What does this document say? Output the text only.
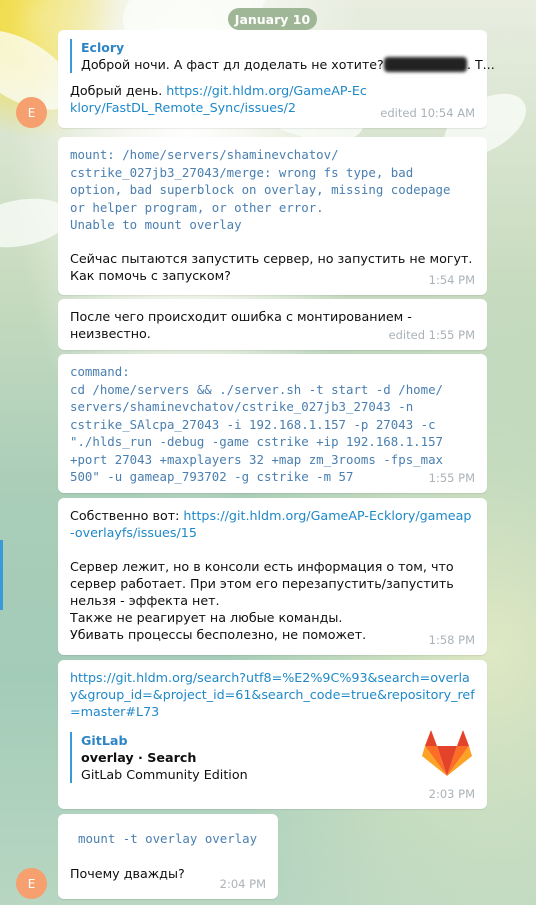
January 10
Eclory
Доброй ночи. А фаст дл доделать не хотите?8000 рублей. Т...
Добрый день. https://git.hldm.org/GameAP-Ecklory/FastDL_Remote_Sync/issues/2	edited 10:54 AM
E
mount: /home/servers/shaminevchatov/
cstrike_027jb3_27043/merge: wrong fs type, bad
option, bad superblock on overlay, missing codepage
or helper program, or other error.
Unable to mount overlay
Сейчас пытаются запустить сервер, но запустить не могут.
Как помочь с запуском?	1:54 PM
После чего происходит ошибка с монтированием -
неизвестно.	edited 1:55 PM
command:
cd /home/servers && ./server.sh -t start -d /home/
servers/shaminevchatov/cstrike_027jb3_27043 -n
cstrike_SAlcpa_27043 -i 192.168.1.157 -p 27043 -c
"./hlds_run -debug -game cstrike +ip 192.168.1.157
+port 27043 +maxplayers 32 +map zm_3rooms -fps_max
500" -u gameap_793702 -g cstrike -m 57	1:55 PM
Собственно вот: https://git.hldm.org/GameAP-Ecklory/gameap-overlayfs/issues/15
Сервер лежит, но в консоли есть информация о том, что
сервер работает. При этом его перезапустить/запустить
нельзя - эффекта нет.
Также не реагирует на любые команды.
Убивать процессы бесполезно, не поможет.	1:58 PM
https://git.hldm.org/search?utf8=%E2%9C%93&search=overlay&group_id=&project_id=61&search_code=true&repository_ref=master#L73
GitLab
overlay · Search
GitLab Community Edition
2:03 PM
mount -t overlay overlay
Почему дважды?
2:04 PM
E
